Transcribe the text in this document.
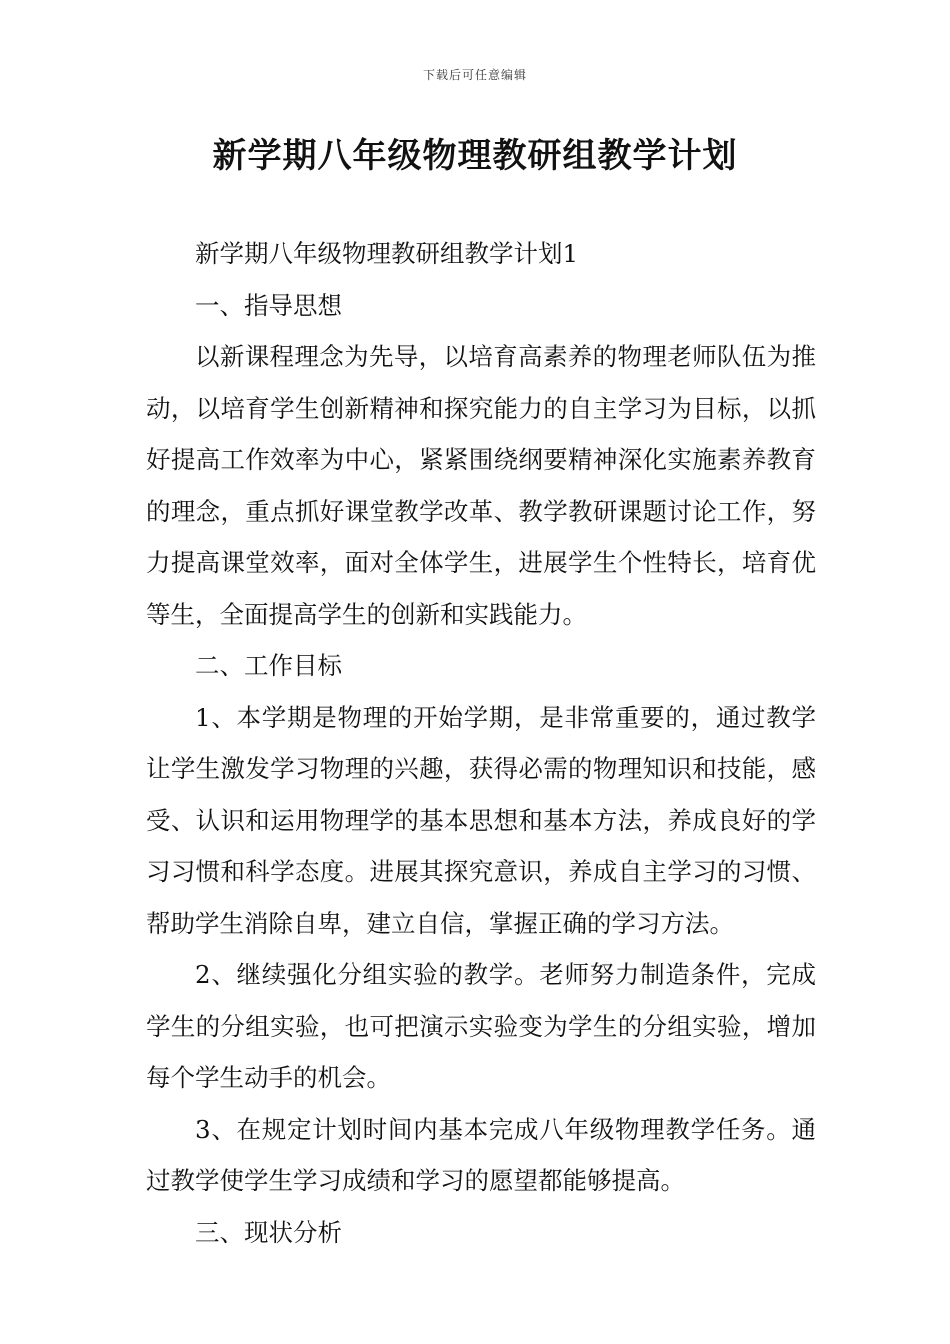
下载后可任意编辑
新学期八年级物理教研组教学计划

新学期八年级物理教研组教学计划1

一、指导思想

以新课程理念为先导，以培育高素养的物理老师队伍为推动，以培育学生创新精神和探究能力的自主学习为目标，以抓好提高工作效率为中心，紧紧围绕纲要精神深化实施素养教育的理念，重点抓好课堂教学改革、教学教研课题讨论工作，努力提高课堂效率，面对全体学生，进展学生个性特长，培育优等生，全面提高学生的创新和实践能力。

二、工作目标

1、本学期是物理的开始学期，是非常重要的，通过教学让学生激发学习物理的兴趣，获得必需的物理知识和技能，感受、认识和运用物理学的基本思想和基本方法，养成良好的学习习惯和科学态度。进展其探究意识，养成自主学习的习惯、帮助学生消除自卑，建立自信，掌握正确的学习方法。

2、继续强化分组实验的教学。老师努力制造条件，完成学生的分组实验，也可把演示实验变为学生的分组实验，增加每个学生动手的机会。

3、在规定计划时间内基本完成八年级物理教学任务。通过教学使学生学习成绩和学习的愿望都能够提高。

三、现状分析
